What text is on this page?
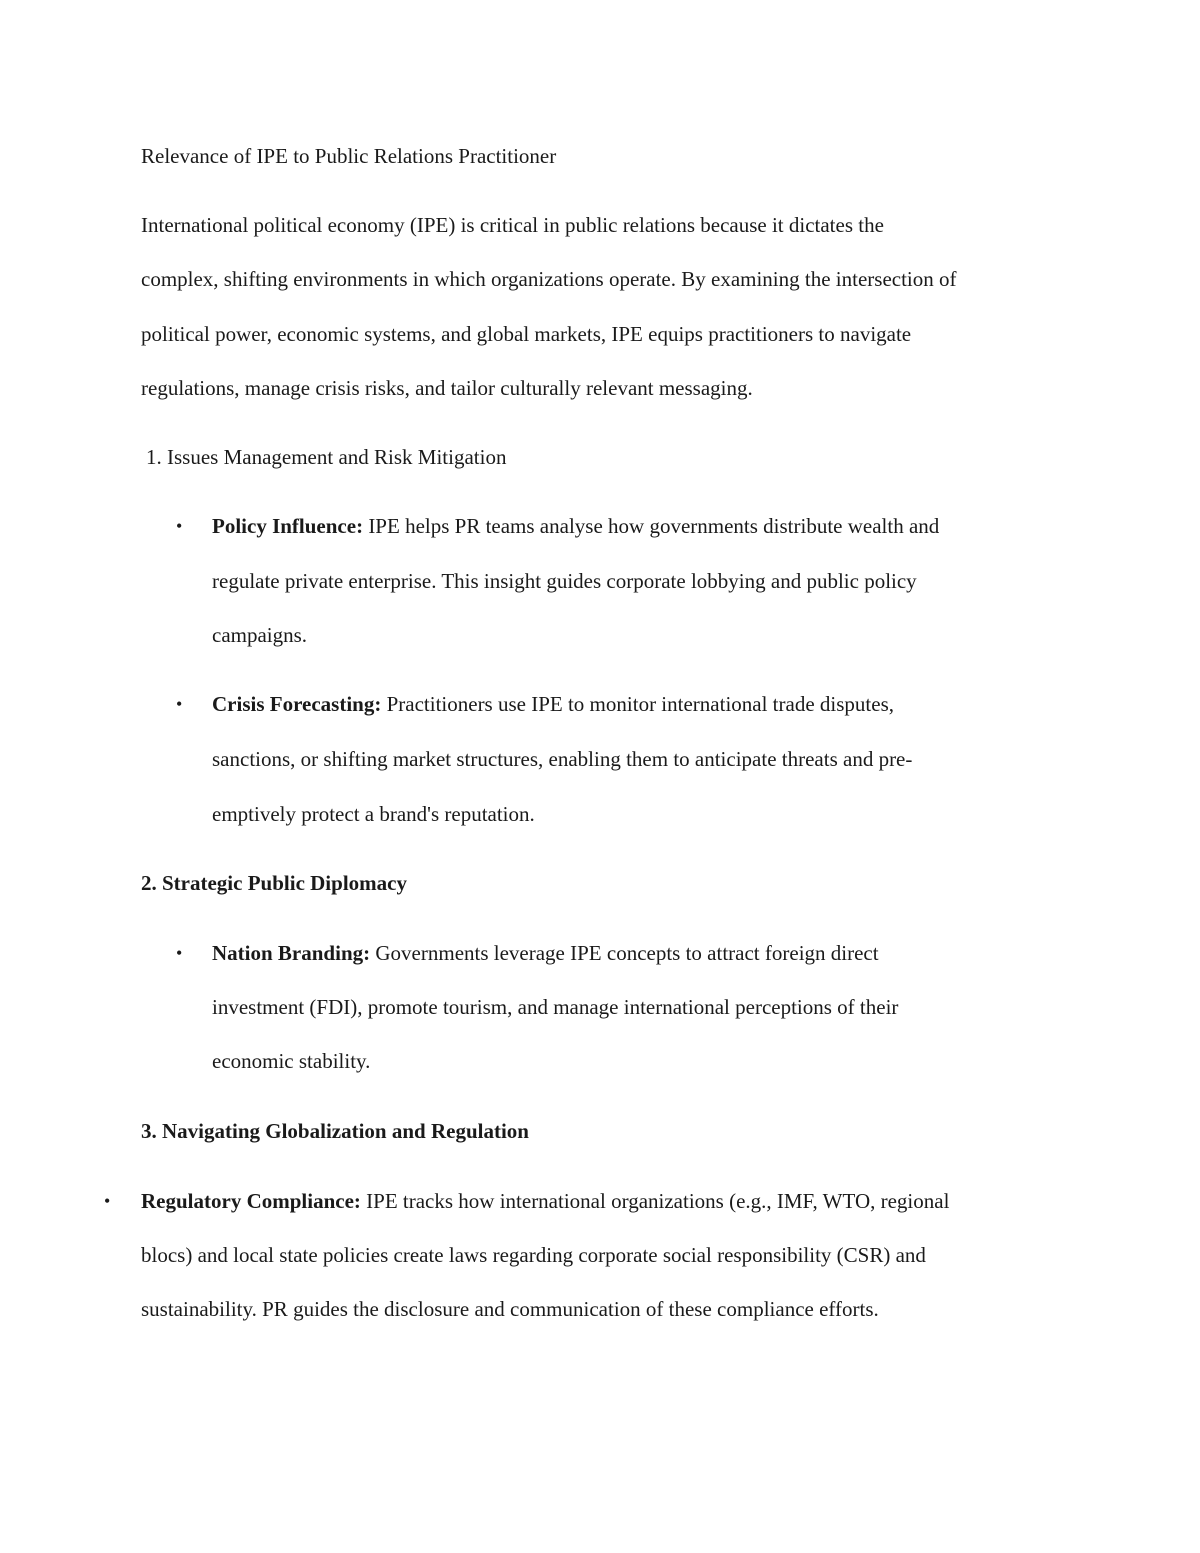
Relevance of IPE to Public Relations Practitioner
International political economy (IPE) is critical in public relations because it dictates the
complex, shifting environments in which organizations operate. By examining the intersection of
political power, economic systems, and global markets, IPE equips practitioners to navigate
regulations, manage crisis risks, and tailor culturally relevant messaging.
1. Issues Management and Risk Mitigation
• Policy Influence: IPE helps PR teams analyse how governments distribute wealth and
regulate private enterprise. This insight guides corporate lobbying and public policy
campaigns.
• Crisis Forecasting: Practitioners use IPE to monitor international trade disputes,
sanctions, or shifting market structures, enabling them to anticipate threats and pre-
emptively protect a brand's reputation.
2. Strategic Public Diplomacy
• Nation Branding: Governments leverage IPE concepts to attract foreign direct
investment (FDI), promote tourism, and manage international perceptions of their
economic stability.
3. Navigating Globalization and Regulation
• Regulatory Compliance: IPE tracks how international organizations (e.g., IMF, WTO, regional
blocs) and local state policies create laws regarding corporate social responsibility (CSR) and
sustainability. PR guides the disclosure and communication of these compliance efforts.
